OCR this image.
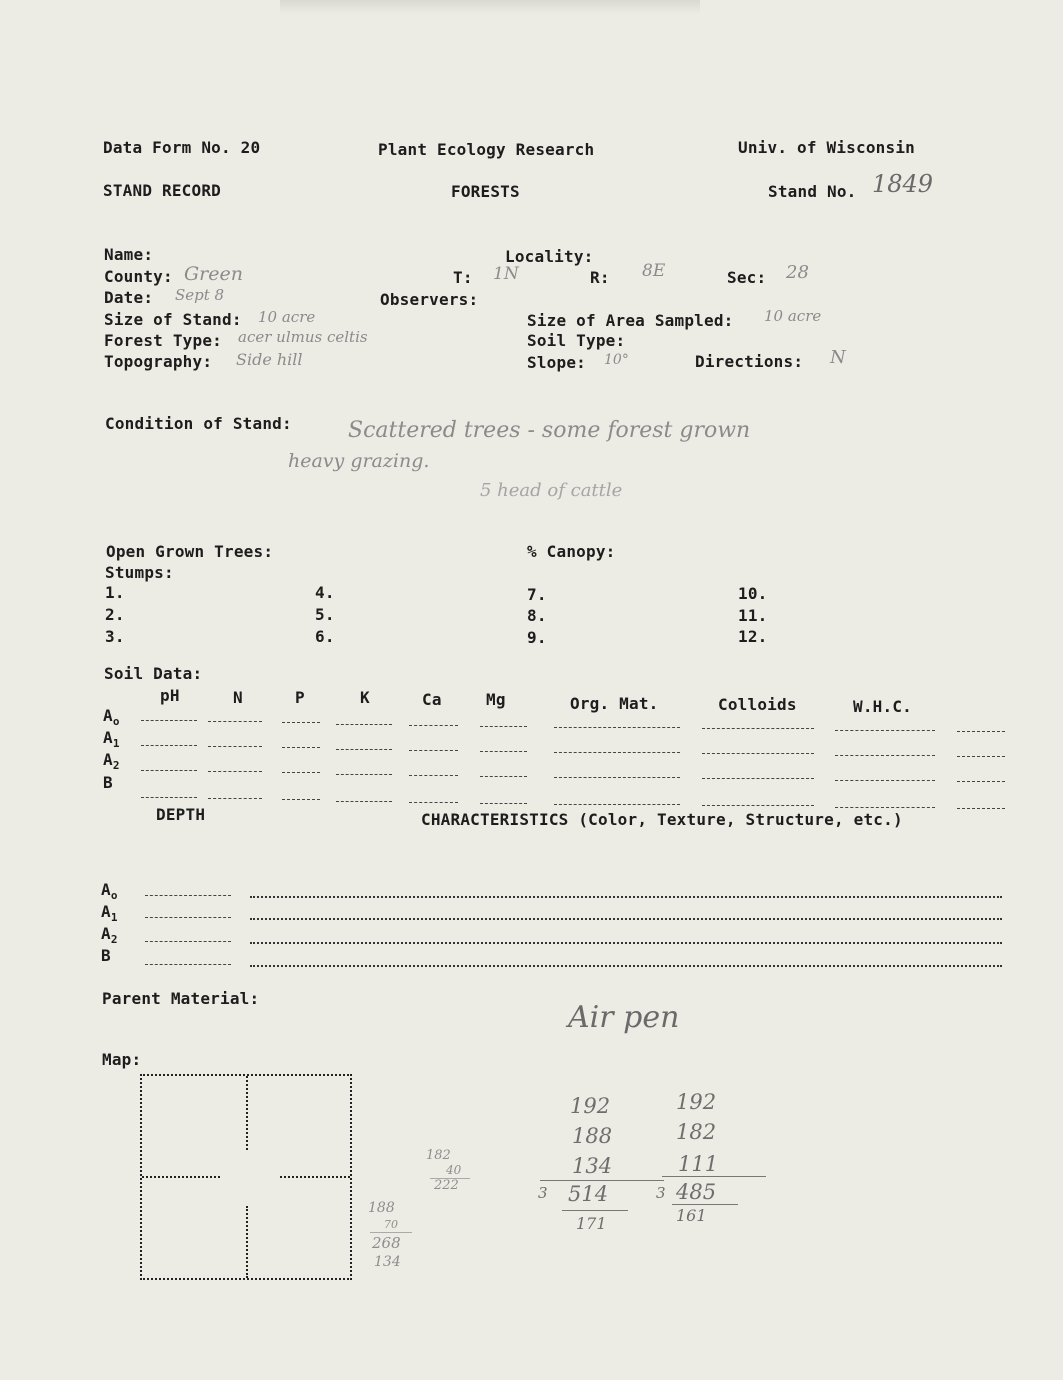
Data Form No. 20	Plant Ecology Research	Univ. of Wisconsin
STAND RECORD	FORESTS	Stand No. 1849
Name:
County: Green
Date: Sept 8
Size of Stand: 10 acre
Forest Type: acer ulmus celtis
Topography: Side hill
Locality:
T: 1N	R: 8E	Sec: 28
Observers:
Size of Area Sampled: 10 acre
Soil Type:
Slope: 10°	Directions: N
Condition of Stand:	Scattered trees - some forest grown
heavy grazing.
5 head of cattle
Open Grown Trees:	% Canopy:
Stumps:
1.
2.
3.
4.
5.
6.
7.
8.
9.
10.
11.
12.
Soil Data:
pH	N	P	K	Ca	Mg	Org. Mat.	Colloids	W.H.C.
$A_o$
$A_1$
$A_2$
B
DEPTH	CHARACTERISTICS (Color, Texture, Structure, etc.)
$A_o$
$A_1$
$A_2$
B
Parent Material:
Air pen
Map:
192
188
134
3 514
171
192
182
111
3 485
161
182
40
222
188
70
268
134
